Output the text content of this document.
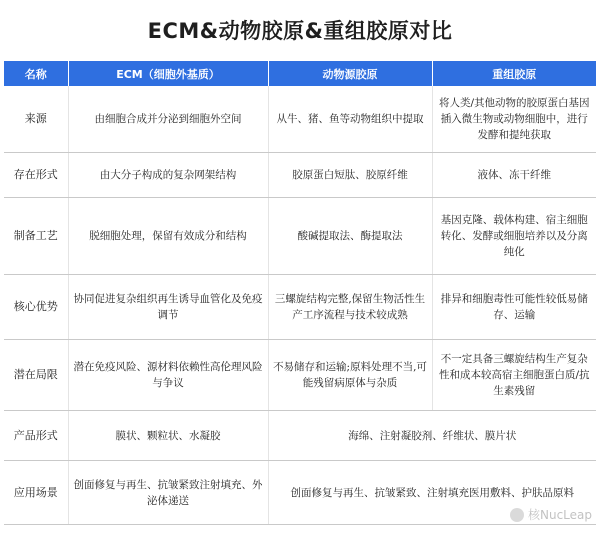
ECM&动物胶原&重组胶原对比
名称	ECM（细胞外基质）	动物源胶原	重组胶原
来源	由细胞合成并分泌到细胞外空间	从牛、猪、鱼等动物组织中提取	将人类/其他动物的胶原蛋白基因插入微生物或动物细胞中，进行发酵和提纯获取
存在形式	由大分子构成的复杂网架结构	胶原蛋白短肽、胶原纤维	液体、冻干纤维
制备工艺	脱细胞处理，保留有效成分和结构	酸碱提取法、酶提取法	基因克隆、载体构建、宿主细胞转化、发酵或细胞培养以及分离纯化
核心优势	协同促进复杂组织再生诱导血管化及免疫调节	三螺旋结构完整,保留生物活性生产工序流程与技术较成熟	排异和细胞毒性可能性较低易储存、运输
潜在局限	潜在免疫风险、源材料依赖性高伦理风险与争议	不易储存和运输;原料处理不当,可能残留病原体与杂质	不一定具备三螺旋结构生产复杂性和成本较高宿主细胞蛋白质/抗生素残留
产品形式	膜状、颗粒状、水凝胶	海绵、注射凝胶剂、纤维状、膜片状	
应用场景	创面修复与再生、抗皱紧致注射填充、外泌体递送	创面修复与再生、抗皱紧致、注射填充医用敷料、护肤品原料	
核NucLeap
